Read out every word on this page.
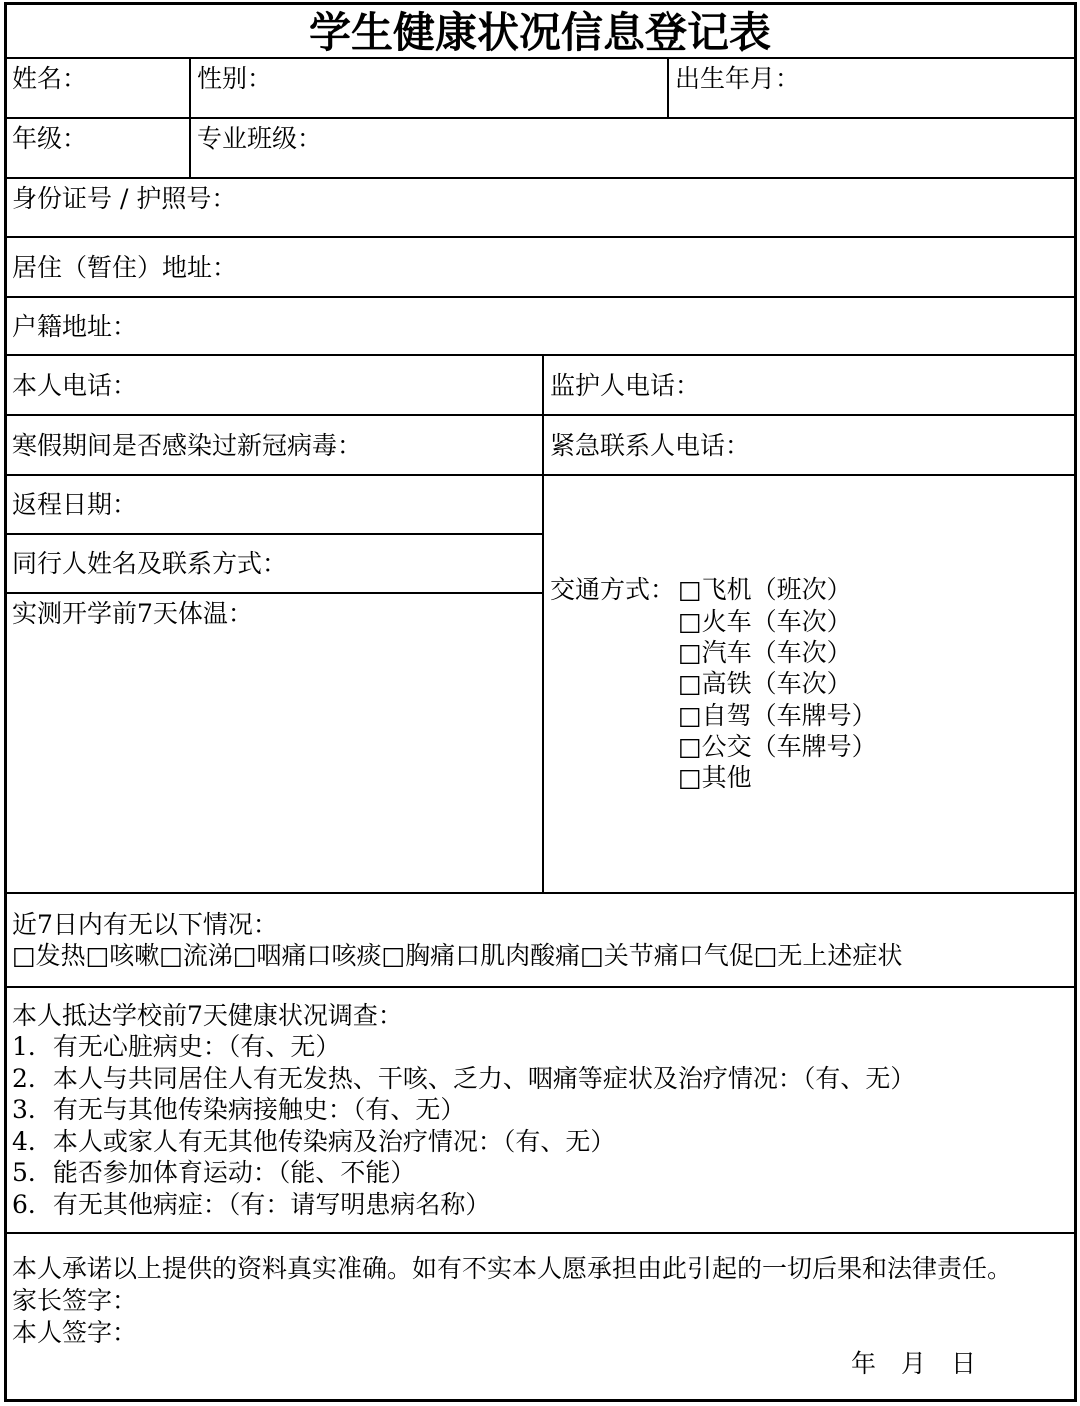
学生健康状况信息登记表
姓名：	性别：	出生年月：
年级：	专业班级：
身份证号 / 护照号：
居住（暂住）地址：
户籍地址：
本人电话：	监护人电话：
寒假期间是否感染过新冠病毒：	紧急联系人电话：
返程日期：
同行人姓名及联系方式：
实测开学前7天体温：
交通方式： □飞机（班次）
□火车（车次）
□汽车（车次）
□高铁（车次）
□自驾（车牌号）
□公交（车牌号）
□其他
近7日内有无以下情况：
□发热□咳嗽□流涕□咽痛口咳痰□胸痛口肌肉酸痛□关节痛口气促□无上述症状
本人抵达学校前7天健康状况调查：
1．有无心脏病史：（有、无）
2．本人与共同居住人有无发热、干咳、乏力、咽痛等症状及治疗情况：（有、无）
3．有无与其他传染病接触史：（有、无）
4．本人或家人有无其他传染病及治疗情况：（有、无）
5．能否参加体育运动：（能、不能）
6．有无其他病症：（有：请写明患病名称）
本人承诺以上提供的资料真实准确。如有不实本人愿承担由此引起的一切后果和法律责任。
家长签字：
本人签字：
年　月　日
